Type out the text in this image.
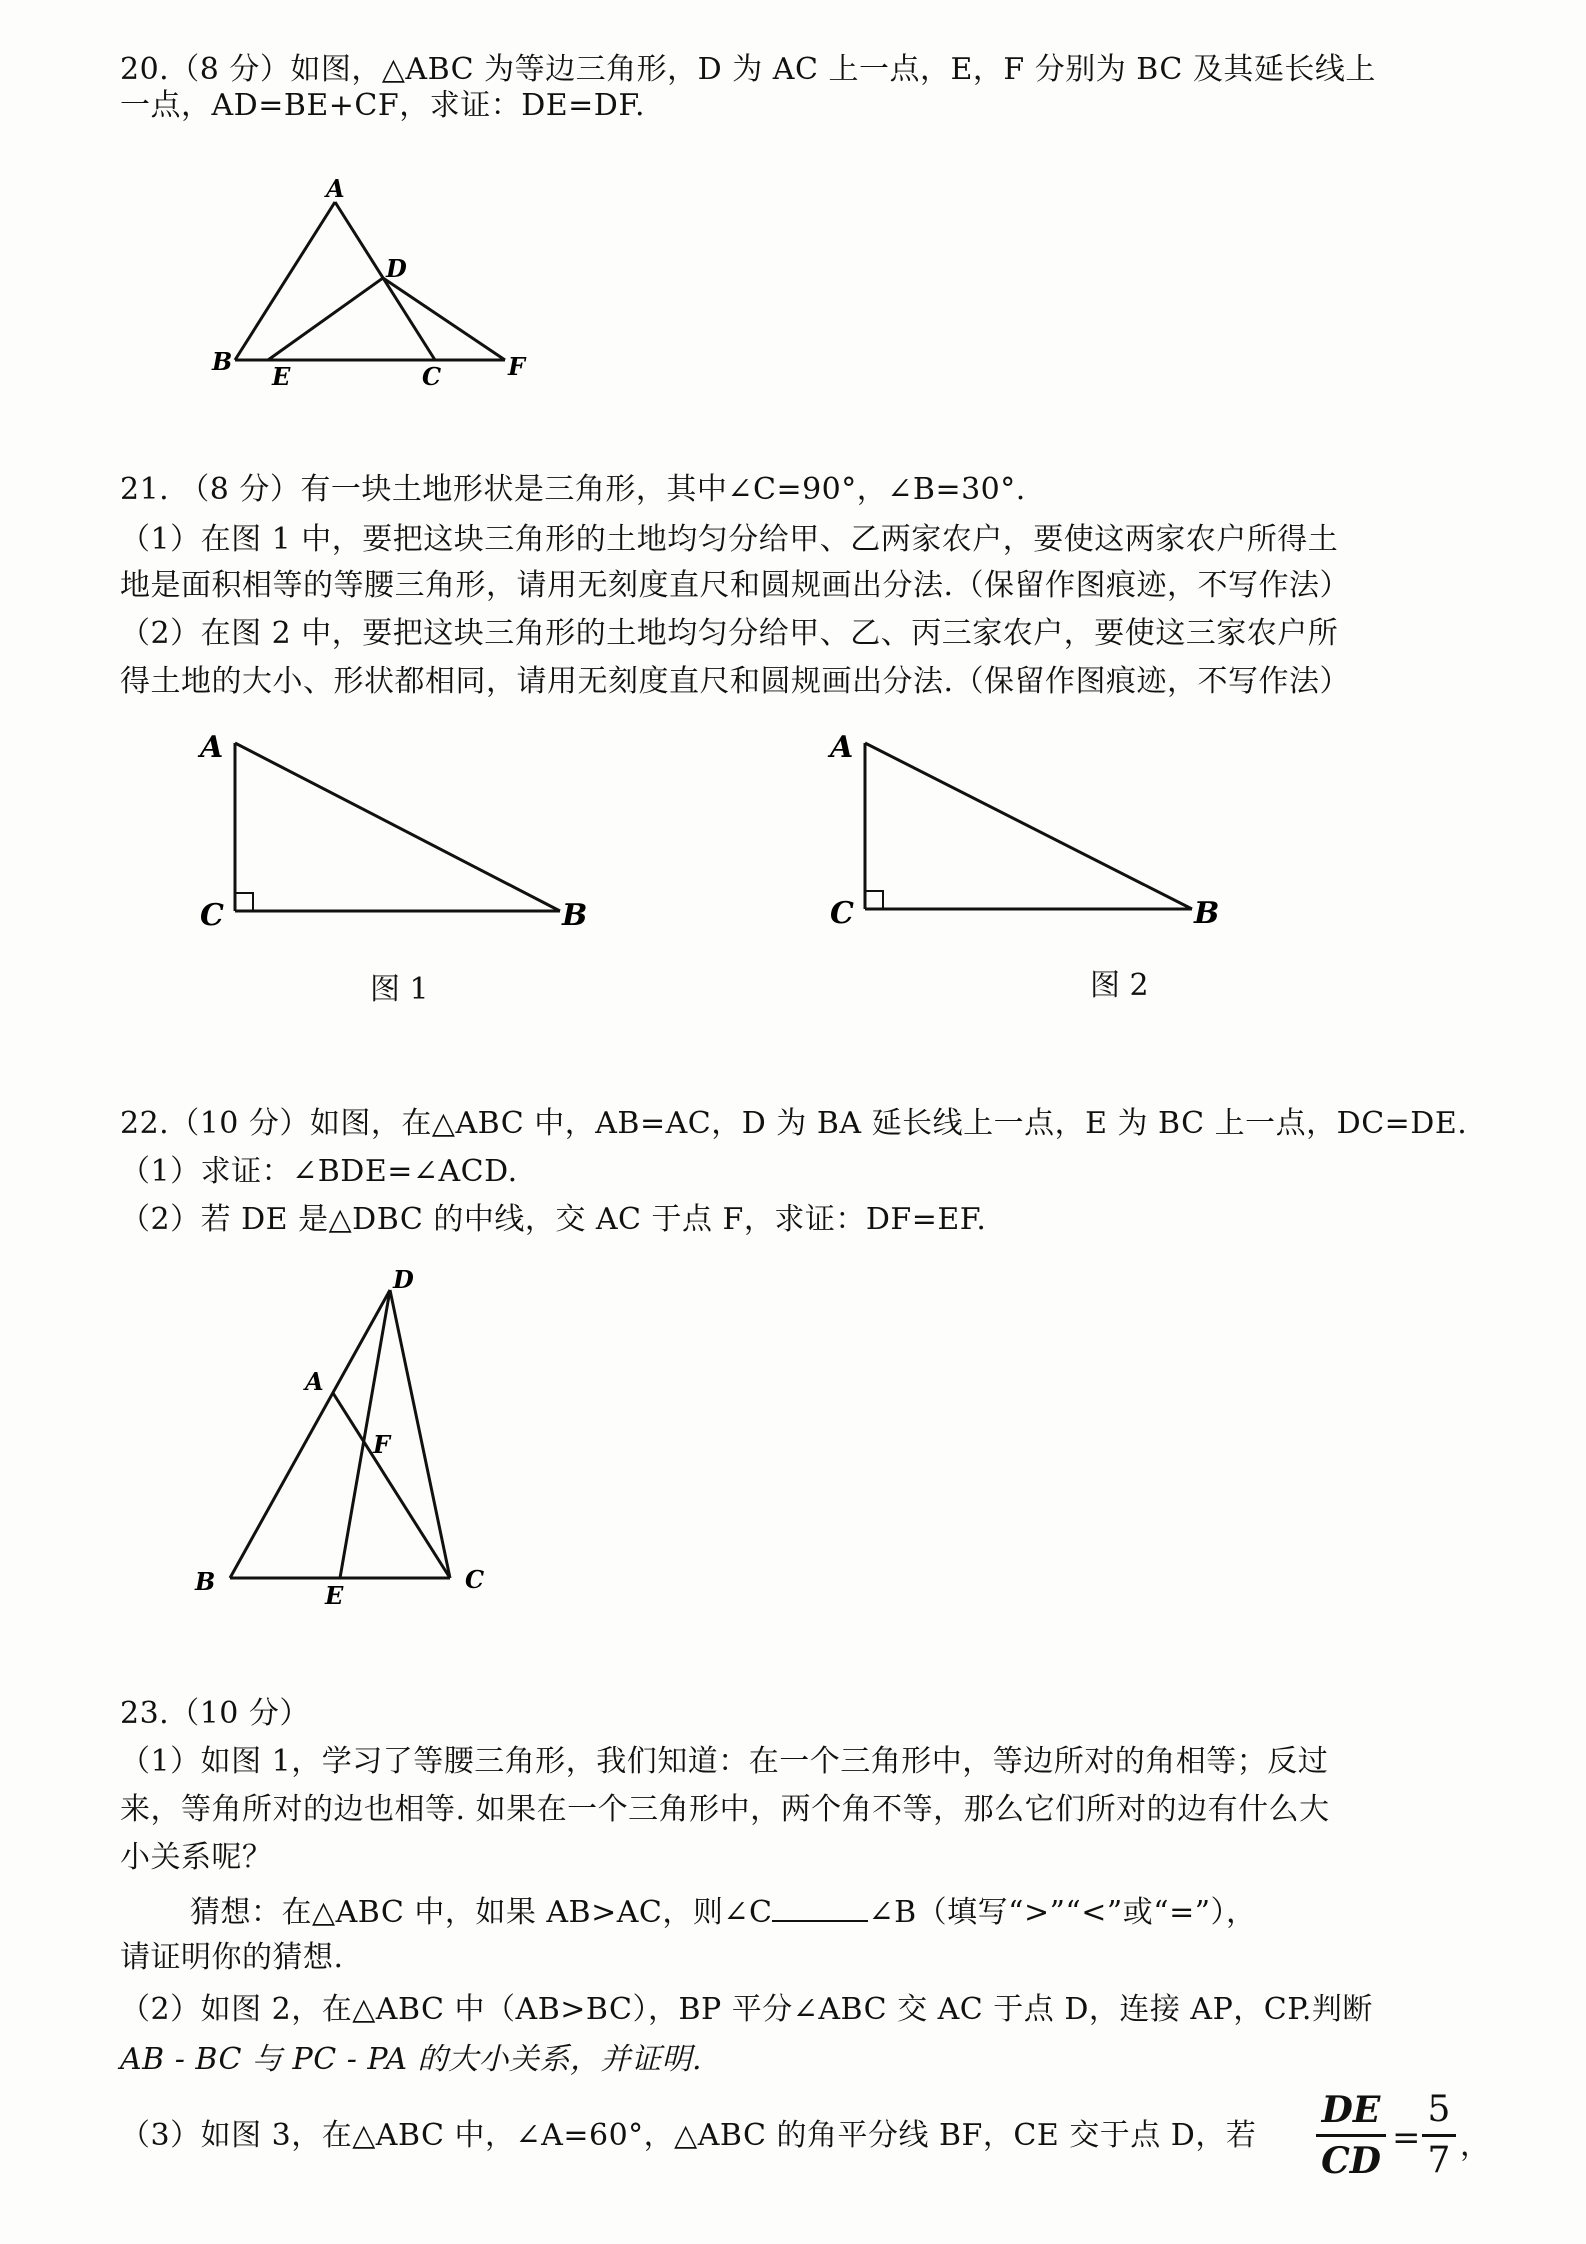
20.（8 分）如图，△ABC 为等边三角形，D 为 AC 上一点，E，F 分别为 BC 及其延长线上
一点，AD=BE+CF，求证：DE=DF.
A
D
B
E	C	F
21. （8 分）有一块土地形状是三角形，其中∠C=90°，∠B=30°.
（1）在图 1 中，要把这块三角形的土地均匀分给甲、乙两家农户，要使这两家农户所得土
地是面积相等的等腰三角形，请用无刻度直尺和圆规画出分法.（保留作图痕迹，不写作法）
（2）在图 2 中，要把这块三角形的土地均匀分给甲、乙、丙三家农户，要使这三家农户所
得土地的大小、形状都相同，请用无刻度直尺和圆规画出分法.（保留作图痕迹，不写作法）
A
C	B
图 1
A
C	B
图 2
22.（10 分）如图，在△ABC 中，AB=AC，D 为 BA 延长线上一点，E 为 BC 上一点，DC=DE.
（1）求证：∠BDE=∠ACD.
（2）若 DE 是△DBC 的中线，交 AC 于点 F，求证：DF=EF.
D
A
F
B	E
C
23.（10 分）
（1）如图 1，学习了等腰三角形，我们知道：在一个三角形中，等边所对的角相等；反过
来，等角所对的边也相等. 如果在一个三角形中，两个角不等，那么它们所对的边有什么大
小关系呢？
猜想：在△ABC 中，如果 AB>AC，则∠C	∠B（填写“>”“<”或“=”），
请证明你的猜想.
（2）如图 2，在△ABC 中（AB>BC），BP 平分∠ABC 交 AC 于点 D，连接 AP，CP.判断
AB - BC 与 PC - PA 的大小关系，并证明.
（3）如图 3，在△ABC 中，∠A=60°，△ABC 的角平分线 BF，CE 交于点 D，若
DE
CD
=
5
7 ，
